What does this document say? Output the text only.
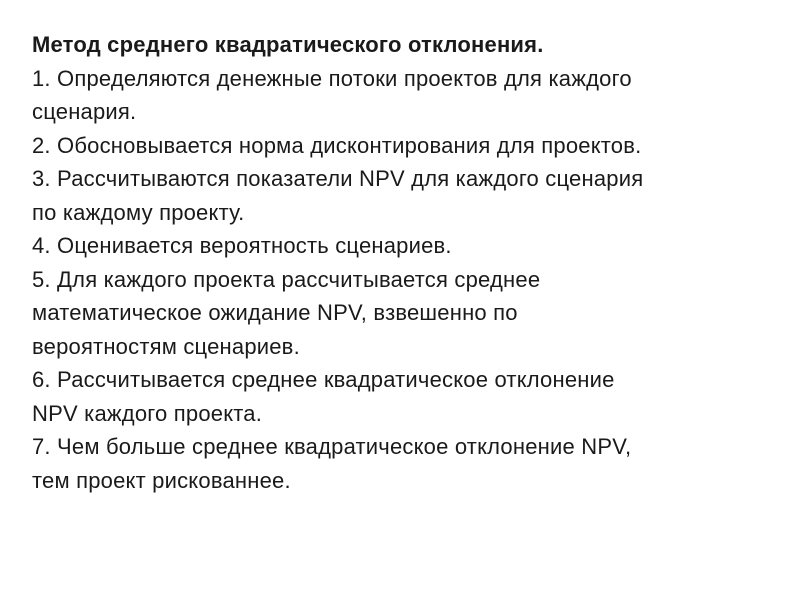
Метод среднего квадратического отклонения.

1. Определяются денежные потоки проектов для каждого
сценария.

2. Обосновывается норма дисконтирования для проектов.

3. Рассчитываются показатели NPV для каждого сценария
по каждому проекту.

4. Оценивается вероятность сценариев.

5. Для каждого проекта рассчитывается среднее
математическое ожидание NPV, взвешенно по
вероятностям сценариев.

6. Рассчитывается среднее квадратическое отклонение
NPV каждого проекта.

7. Чем больше среднее квадратическое отклонение NPV,
тем проект рискованнее.
